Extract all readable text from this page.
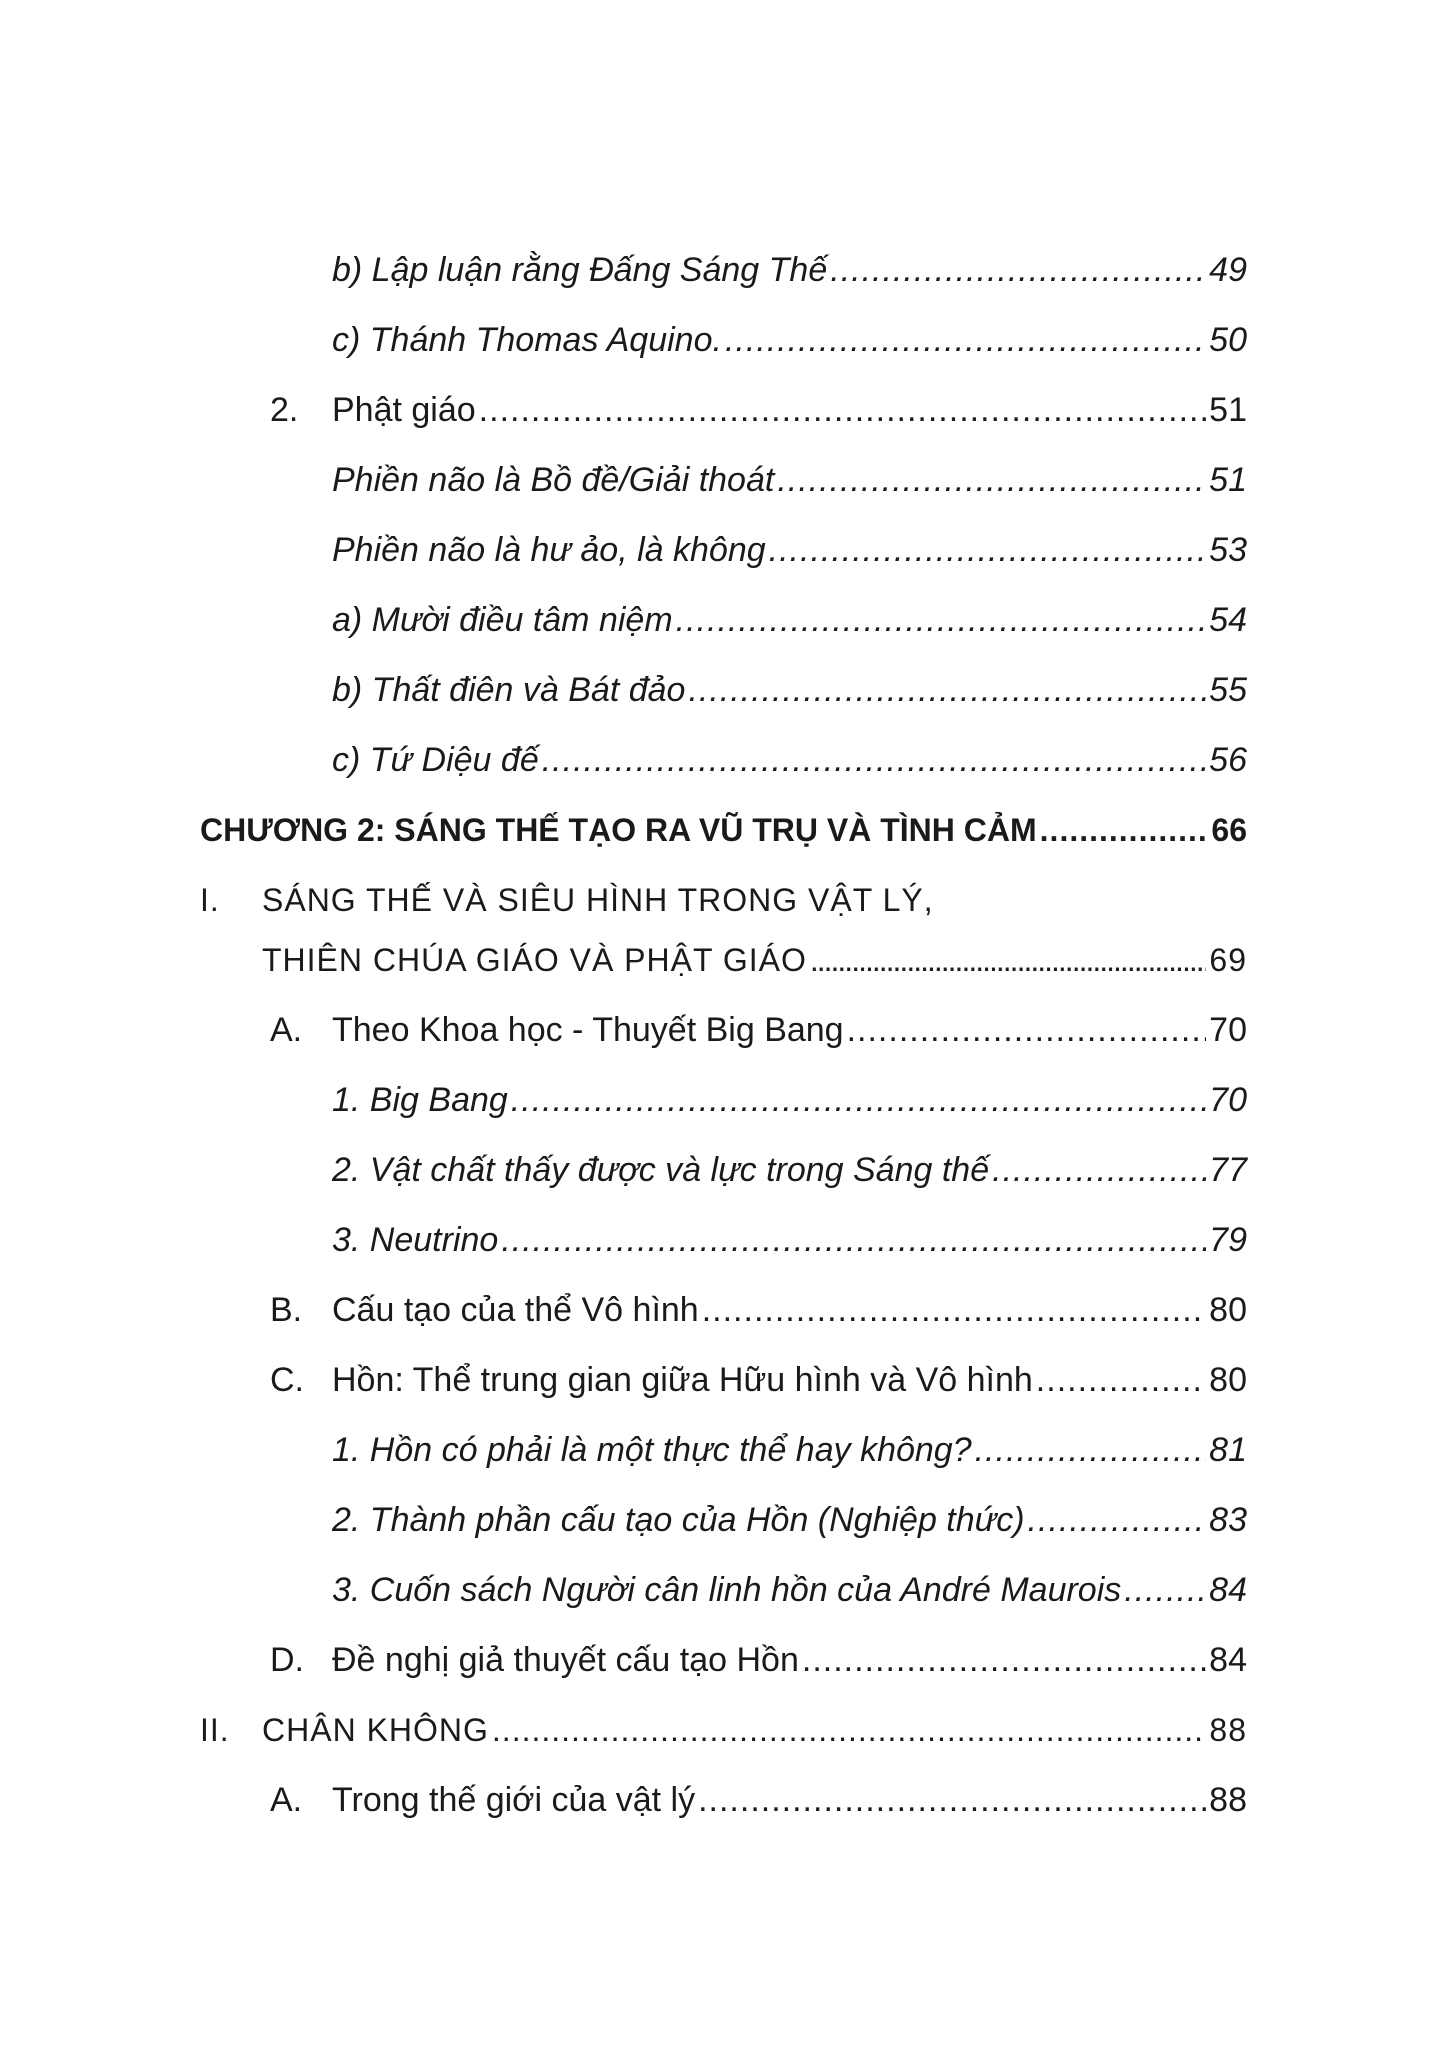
b) Lập luận rằng Đấng Sáng Thế .....	49
c) Thánh Thomas Aquino. .....	50
2. Phật giáo .....	51
Phiền não là Bồ đề/Giải thoát .....	51
Phiền não là hư ảo, là không .....	53
a) Mười điều tâm niệm .....	54
b) Thất điên và Bát đảo .....	55
c) Tứ Diệu đế .....	56
CHƯƠNG 2: SÁNG THẾ TẠO RA VŨ TRỤ VÀ TÌNH CẢM .....	66
I. SÁNG THẾ VÀ SIÊU HÌNH TRONG VẬT LÝ,
THIÊN CHÚA GIÁO VÀ PHẬT GIÁO .....	69
A. Theo Khoa học - Thuyết Big Bang .....	70
1. Big Bang .....	70
2. Vật chất thấy được và lực trong Sáng thế .....	77
3. Neutrino .....	79
B. Cấu tạo của thể Vô hình .....	80
C. Hồn: Thể trung gian giữa Hữu hình và Vô hình .....	80
1. Hồn có phải là một thực thể hay không? .....	81
2. Thành phần cấu tạo của Hồn (Nghiệp thức) .....	83
3. Cuốn sách Người cân linh hồn của André Maurois .....	84
D. Đề nghị giả thuyết cấu tạo Hồn .....	84
II.	CHÂN KHÔNG .....	88
A. Trong thế giới của vật lý .....	88
